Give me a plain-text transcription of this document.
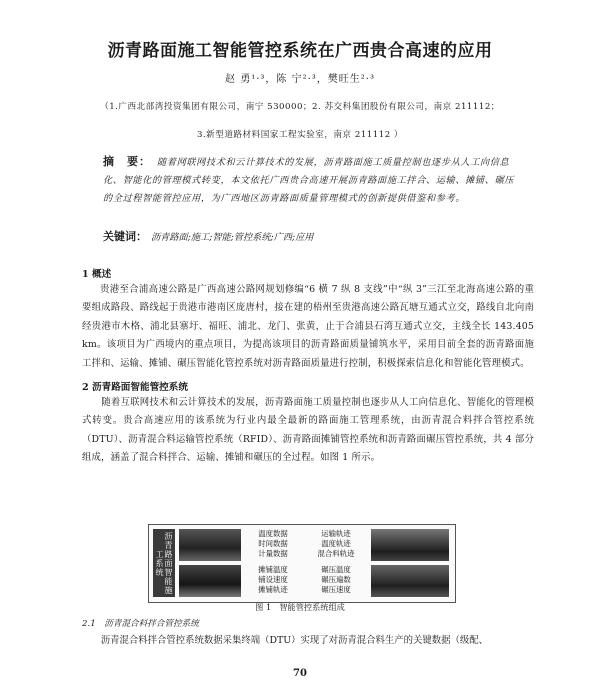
沥青路面施工智能管控系统在广西贵合高速的应用
赵 勇¹·³，陈 宁²·³，樊旺生²·³
（1.广西北部湾投资集团有限公司，南宁 530000；2. 苏交科集团股份有限公司，南京 211112；
3.新型道路材料国家工程实验室，南京 211112 ）
摘　要： 随着网联网技术和云计算技术的发展，沥青路面施工质量控制也逐步从人工向信息化、智能化的管理模式转变，本文依托广西贵合高速开展沥青路面施工拌合、运输、摊铺、碾压的全过程智能管控应用，为广西地区沥青路面质量管理模式的创新提供借鉴和参考。
关键词： 沥青路面;施工;智能;管控系统;广西;应用
1 概述

贵港至合浦高速公路是广西高速公路网规划修编“6 横 7 纵 8 支线”中“纵 3”三江至北海高速公路的重要组成路段、路线起于贵港市港南区庞唐村，接在建的梧州至贵港高速公路瓦塘互通式立交，路线自北向南经贵港市木格、浦北县寨圩、福旺、浦北、龙门、张黄，止于合浦县石湾互通式立交，主线全长 143.405 km。该项目为广西境内的重点项目，为提高该项目的沥青路面质量铺筑水平，采用目前全套的沥青路面施工拌和、运输、摊铺、碾压智能化管控系统对沥青路面质量进行控制，积极探索信息化和智能化管理模式。

2 沥青路面智能管控系统

　　随着互联网技术和云计算技术的发展，沥青路面施工质量控制也逐步从人工向信息化、智能化的管理模式转变。贵合高速应用的该系统为行业内最全最新的路面施工管理系统，由沥青混合料拌合管控系统（DTU）、沥青混合料运输管控系统（RFID）、沥青路面摊铺管控系统和沥青路面碾压管控系统，共 4 部分组成，涵盖了混合料拌合、运输、摊铺和碾压的全过程。如图 1 所示。

沥青路面智能施工系统
温度数据
时间数据
计量数据
运输轨迹
温度轨迹
混合料轨迹
摊铺温度
铺设速度
摊铺轨迹
碾压温度
碾压遍数
碾压速度
图 1　智能管控系统组成
2.1　沥青混合料拌合管控系统
　　沥青混合料拌合管控系统数据采集终端（DTU）实现了对沥青混合料生产的关键数据（级配、
70
